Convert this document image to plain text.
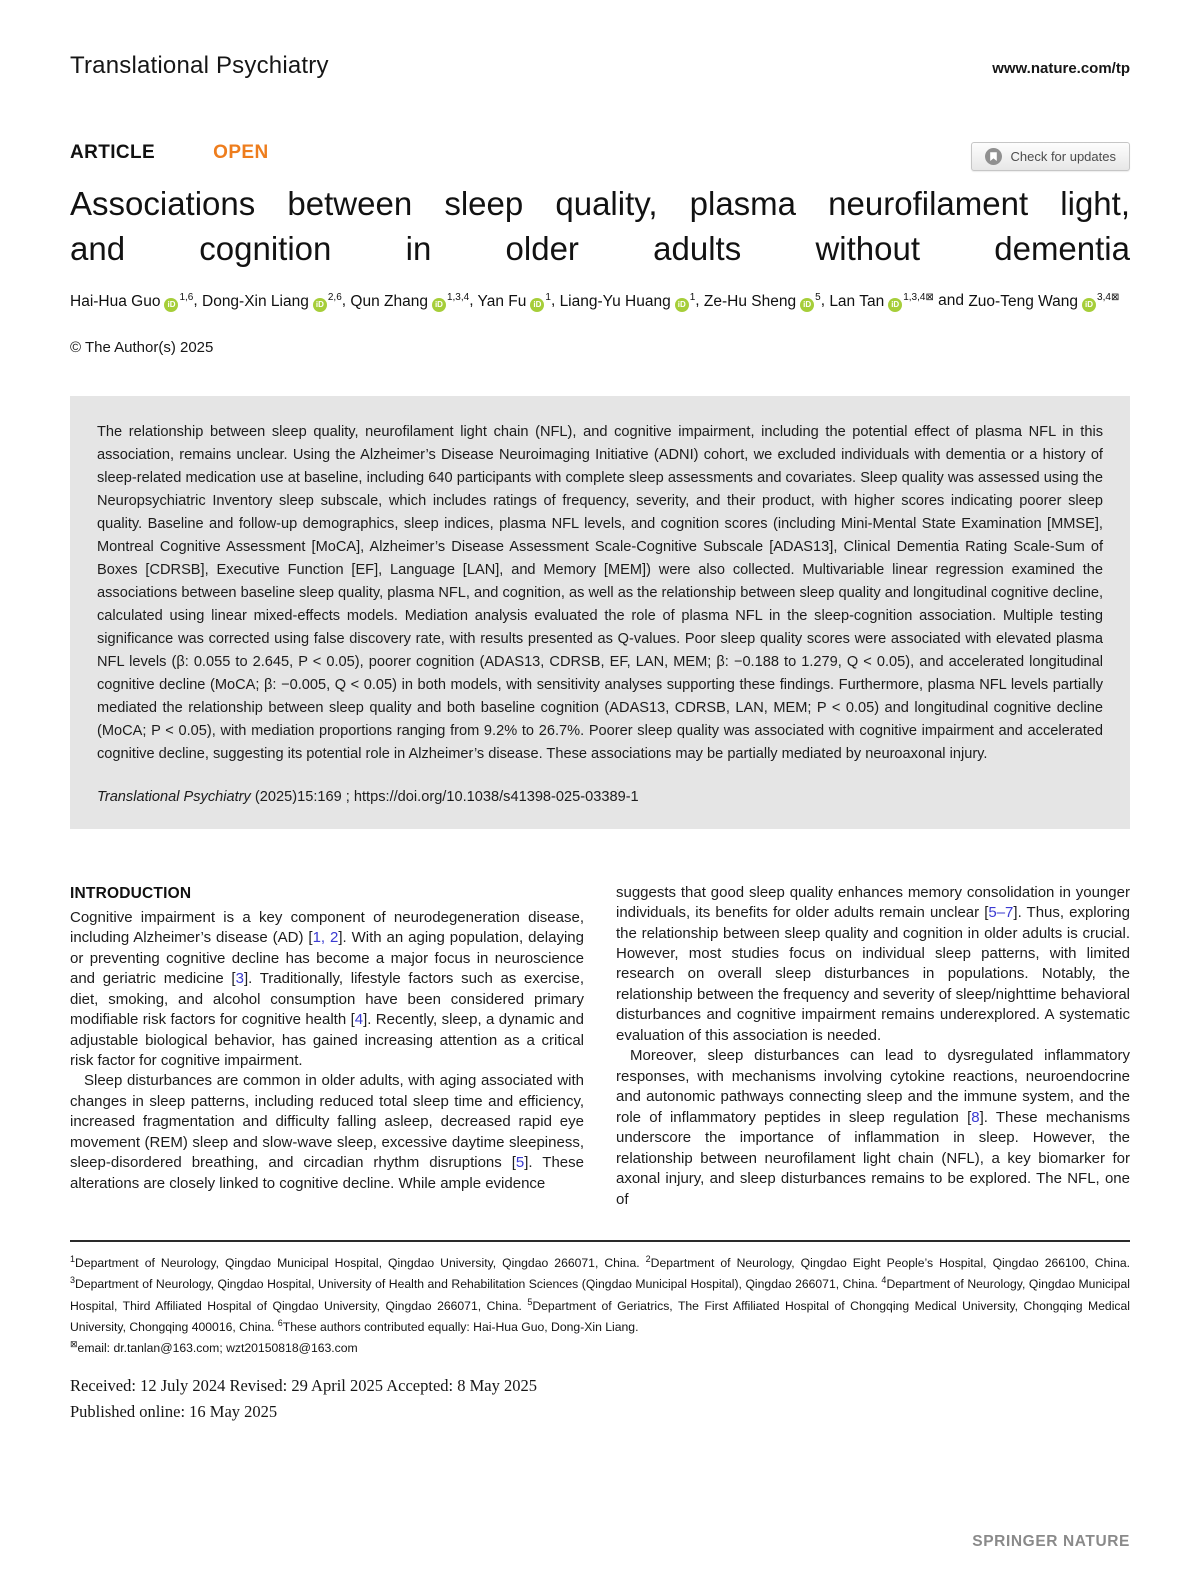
Translational Psychiatry	www.nature.com/tp
ARTICLE	OPEN	Check for updates
Associations between sleep quality, plasma neurofilament light,
and cognition in older adults without dementia
Hai-Hua Guo iD$^{1,6}$, Dong-Xin Liang iD$^{2,6}$, Qun Zhang iD$^{1,3,4}$, Yan Fu $iD^1$, Liang-Yu Huang $iD^1$, Ze-Hu Sheng $iD^5$, Lan Tan $iD^{1,3,4⊠}$ and Zuo-Teng Wang $iD^{3,4⊠}$
© The Author(s) 2025

The relationship between sleep quality, neurofilament light chain (NFL), and cognitive impairment, including the potential effect of plasma NFL in this association, remains unclear. Using the Alzheimer’s Disease Neuroimaging Initiative (ADNI) cohort, we excluded individuals with dementia or a history of sleep-related medication use at baseline, including 640 participants with complete sleep assessments and covariates. Sleep quality was assessed using the Neuropsychiatric Inventory sleep subscale, which includes ratings of frequency, severity, and their product, with higher scores indicating poorer sleep quality. Baseline and follow-up demographics, sleep indices, plasma NFL levels, and cognition scores (including Mini-Mental State Examination [MMSE], Montreal Cognitive Assessment [MoCA], Alzheimer’s Disease Assessment Scale-Cognitive Subscale [ADAS13], Clinical Dementia Rating Scale-Sum of Boxes [CDRSB], Executive Function [EF], Language [LAN], and Memory [MEM]) were also collected. Multivariable linear regression examined the associations between baseline sleep quality, plasma NFL, and cognition, as well as the relationship between sleep quality and longitudinal cognitive decline, calculated using linear mixed-effects models. Mediation analysis evaluated the role of plasma NFL in the sleep-cognition association. Multiple testing significance was corrected using false discovery rate, with results presented as Q-values. Poor sleep quality scores were associated with elevated plasma NFL levels (β: 0.055 to 2.645, P < 0.05), poorer cognition (ADAS13, CDRSB, EF, LAN, MEM; β: −0.188 to 1.279, Q < 0.05), and accelerated longitudinal cognitive decline (MoCA; β: −0.005, Q < 0.05) in both models, with sensitivity analyses supporting these findings. Furthermore, plasma NFL levels partially mediated the relationship between sleep quality and both baseline cognition (ADAS13, CDRSB, LAN, MEM; P < 0.05) and longitudinal cognitive decline (MoCA; P < 0.05), with mediation proportions ranging from 9.2% to 26.7%. Poorer sleep quality was associated with cognitive impairment and accelerated cognitive decline, suggesting its potential role in Alzheimer’s disease. These associations may be partially mediated by neuroaxonal injury.

Translational Psychiatry (2025)15:169 ; https://doi.org/10.1038/s41398-025-03389-1

INTRODUCTION

Cognitive impairment is a key component of neurodegeneration disease, including Alzheimer’s disease (AD) [1, 2]. With an aging population, delaying or preventing cognitive decline has become a major focus in neuroscience and geriatric medicine [3]. Traditionally, lifestyle factors such as exercise, diet, smoking, and alcohol consumption have been considered primary modifiable risk factors for cognitive health [4]. Recently, sleep, a dynamic and adjustable biological behavior, has gained increasing attention as a critical risk factor for cognitive impairment.

Sleep disturbances are common in older adults, with aging associated with changes in sleep patterns, including reduced total sleep time and efficiency, increased fragmentation and difficulty falling asleep, decreased rapid eye movement (REM) sleep and slow-wave sleep, excessive daytime sleepiness, sleep-disordered breathing, and circadian rhythm disruptions [5]. These alterations are closely linked to cognitive decline. While ample evidence

suggests that good sleep quality enhances memory consolidation in younger individuals, its benefits for older adults remain unclear [5–7]. Thus, exploring the relationship between sleep quality and cognition in older adults is crucial. However, most studies focus on individual sleep patterns, with limited research on overall sleep disturbances in populations. Notably, the relationship between the frequency and severity of sleep/nighttime behavioral disturbances and cognitive impairment remains underexplored. A systematic evaluation of this association is needed.

Moreover, sleep disturbances can lead to dysregulated inflammatory responses, with mechanisms involving cytokine reactions, neuroendocrine and autonomic pathways connecting sleep and the immune system, and the role of inflammatory peptides in sleep regulation [8]. These mechanisms underscore the importance of inflammation in sleep. However, the relationship between neurofilament light chain (NFL), a key biomarker for axonal injury, and sleep disturbances remains to be explored. The NFL, one of

$^1$Department of Neurology, Qingdao Municipal Hospital, Qingdao University, Qingdao 266071, China. $^2$Department of Neurology, Qingdao Eight People’s Hospital, Qingdao 266100, China. $^3$Department of Neurology, Qingdao Hospital, University of Health and Rehabilitation Sciences (Qingdao Municipal Hospital), Qingdao 266071, China. $^4$Department of Neurology, Qingdao Municipal Hospital, Third Affiliated Hospital of Qingdao University, Qingdao 266071, China. $^5$Department of Geriatrics, The First Affiliated Hospital of Chongqing Medical University, Chongqing Medical University, Chongqing 400016, China. $^6$These authors contributed equally: Hai-Hua Guo, Dong-Xin Liang.

⊠email: dr.tanlan@163.com; wzt20150818@163.com
Received: 12 July 2024 Revised: 29 April 2025 Accepted: 8 May 2025
Published online: 16 May 2025
SPRINGER NATURE
